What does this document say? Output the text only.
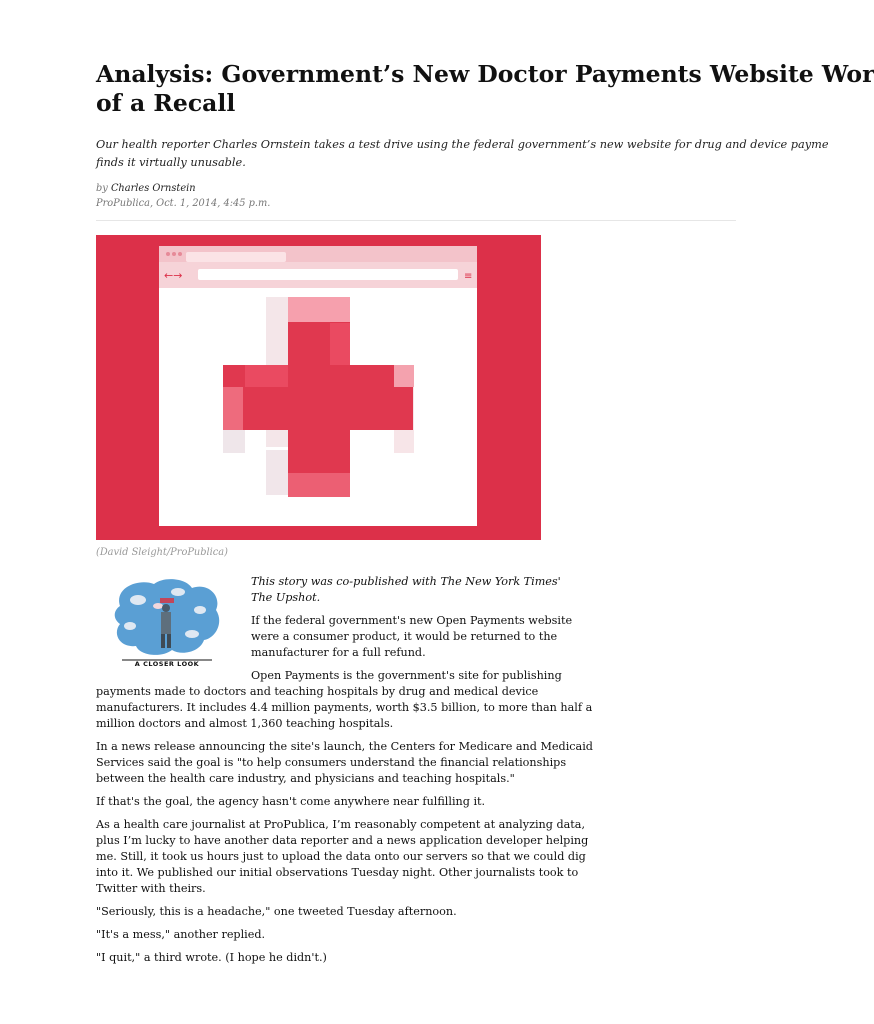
Analysis: Government’s New Doctor Payments Website Wor
of a Recall
Our health reporter Charles Ornstein takes a test drive using the federal government’s new website for drug and device payme
finds it virtually unusable.
by Charles Ornstein
ProPublica, Oct. 1, 2014, 4:45 p.m.
←→	≡
(David Sleight/ProPublica)
A CLOSER LOOK

This story was co-published with The New York Times'
The Upshot.

If the federal government's new Open Payments website
were a consumer product, it would be returned to the
manufacturer for a full refund.

Open Payments is the government's site for publishing
payments made to doctors and teaching hospitals by drug and medical device
manufacturers. It includes 4.4 million payments, worth $3.5 billion, to more than half a
million doctors and almost 1,360 teaching hospitals.

In a news release announcing the site's launch, the Centers for Medicare and Medicaid
Services said the goal is "to help consumers understand the financial relationships
between the health care industry, and physicians and teaching hospitals."

If that's the goal, the agency hasn't come anywhere near fulfilling it.

As a health care journalist at ProPublica, I’m reasonably competent at analyzing data,
plus I’m lucky to have another data reporter and a news application developer helping
me. Still, it took us hours just to upload the data onto our servers so that we could dig
into it. We published our initial observations Tuesday night. Other journalists took to
Twitter with theirs.

"Seriously, this is a headache," one tweeted Tuesday afternoon.

"It's a mess," another replied.

"I quit," a third wrote. (I hope he didn't.)
